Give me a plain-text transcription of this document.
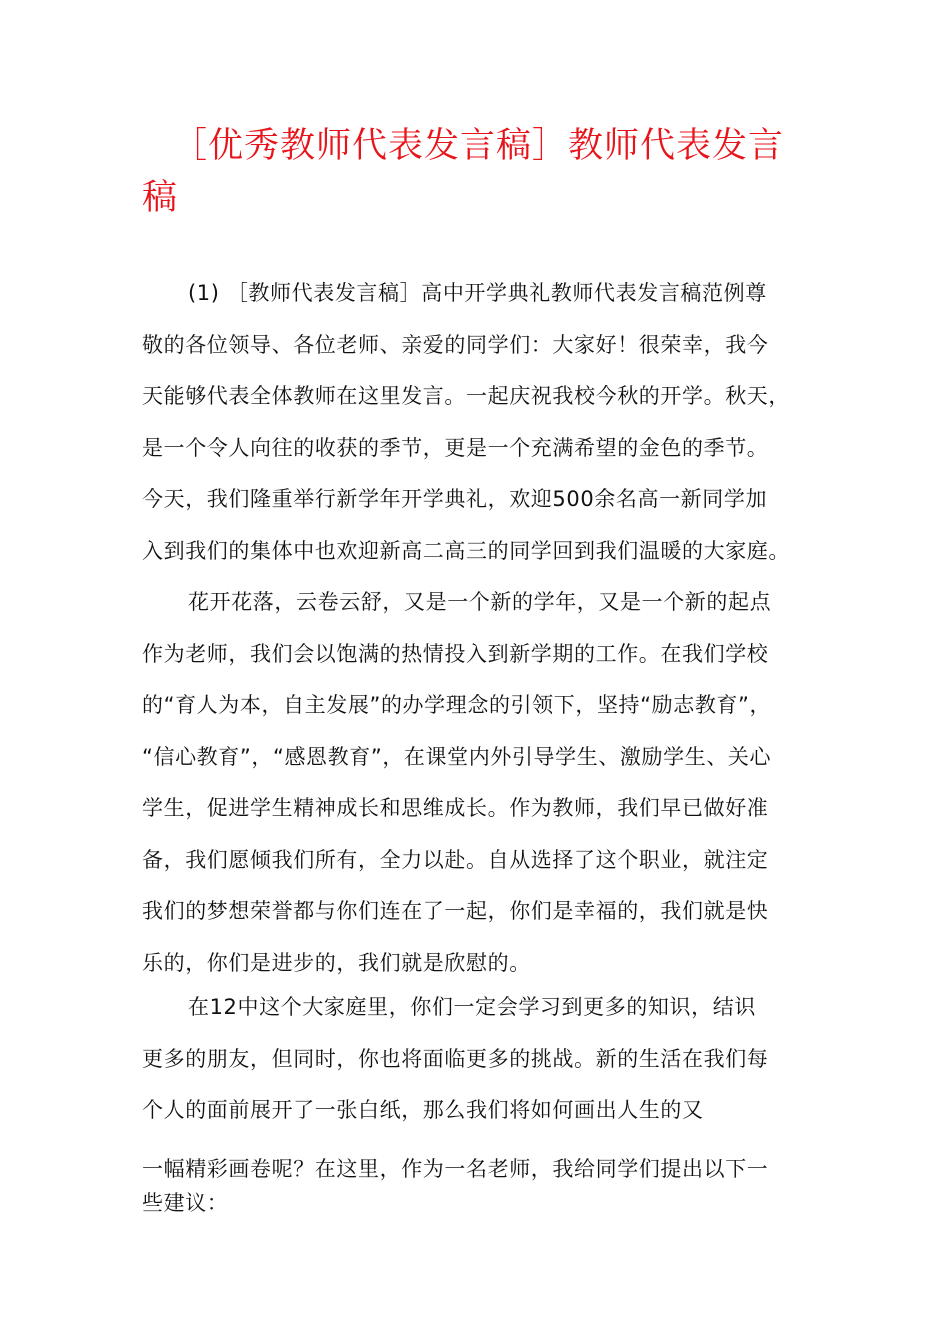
［优秀教师代表发言稿］教师代表发言
稿

(1) ［教师代表发言稿］高中开学典礼教师代表发言稿范例尊
敬的各位领导、各位老师、亲爱的同学们：大家好！很荣幸，我今
天能够代表全体教师在这里发言。一起庆祝我校今秋的开学。秋天，
是一个令人向往的收获的季节，更是一个充满希望的金色的季节。
今天，我们隆重举行新学年开学典礼，欢迎500余名高一新同学加
入到我们的集体中也欢迎新高二高三的同学回到我们温暖的大家庭。

花开花落，云卷云舒，又是一个新的学年，又是一个新的起点
作为老师，我们会以饱满的热情投入到新学期的工作。在我们学校
的“育人为本，自主发展”的办学理念的引领下，坚持“励志教育”，
“信心教育”，“感恩教育”，在课堂内外引导学生、激励学生、关心
学生，促进学生精神成长和思维成长。作为教师，我们早已做好准
备，我们愿倾我们所有，全力以赴。自从选择了这个职业，就注定
我们的梦想荣誉都与你们连在了一起，你们是幸福的，我们就是快
乐的，你们是进步的，我们就是欣慰的。

在12中这个大家庭里，你们一定会学习到更多的知识，结识
更多的朋友，但同时，你也将面临更多的挑战。新的生活在我们每
个人的面前展开了一张白纸，那么我们将如何画出人生的又

一幅精彩画卷呢？在这里，作为一名老师，我给同学们提出以下一
些建议：
